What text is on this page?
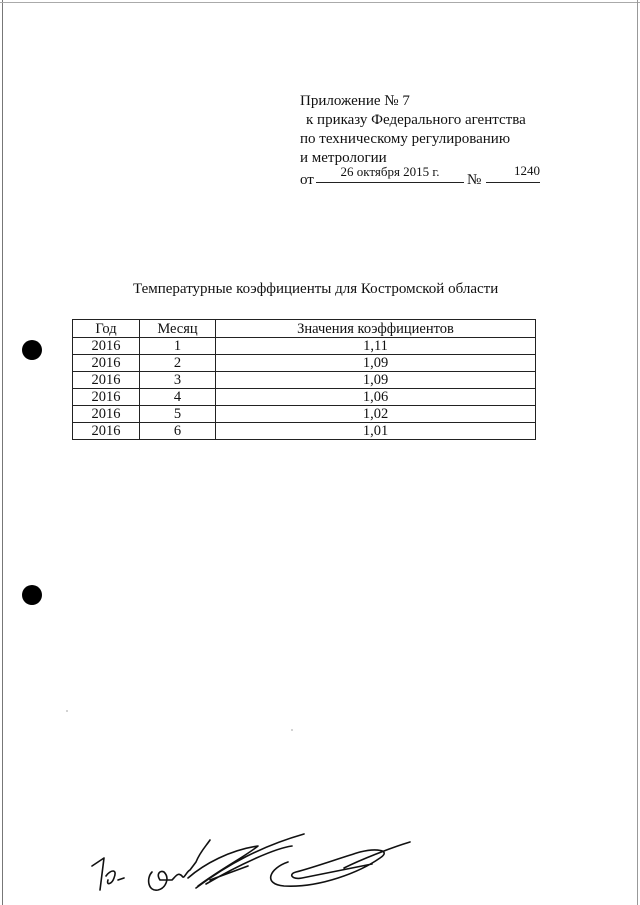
Приложение № 7
к приказу Федерального агентства
по техническому регулированию
и метрологии
от
26 октября 2015 г.
№
1240
Температурные коэффициенты для Костромской области
Год	Месяц	Значения коэффициентов
2016	1	1,11
2016	2	1,09
2016	3	1,09
2016	4	1,06
2016	5	1,02
2016	6	1,01
